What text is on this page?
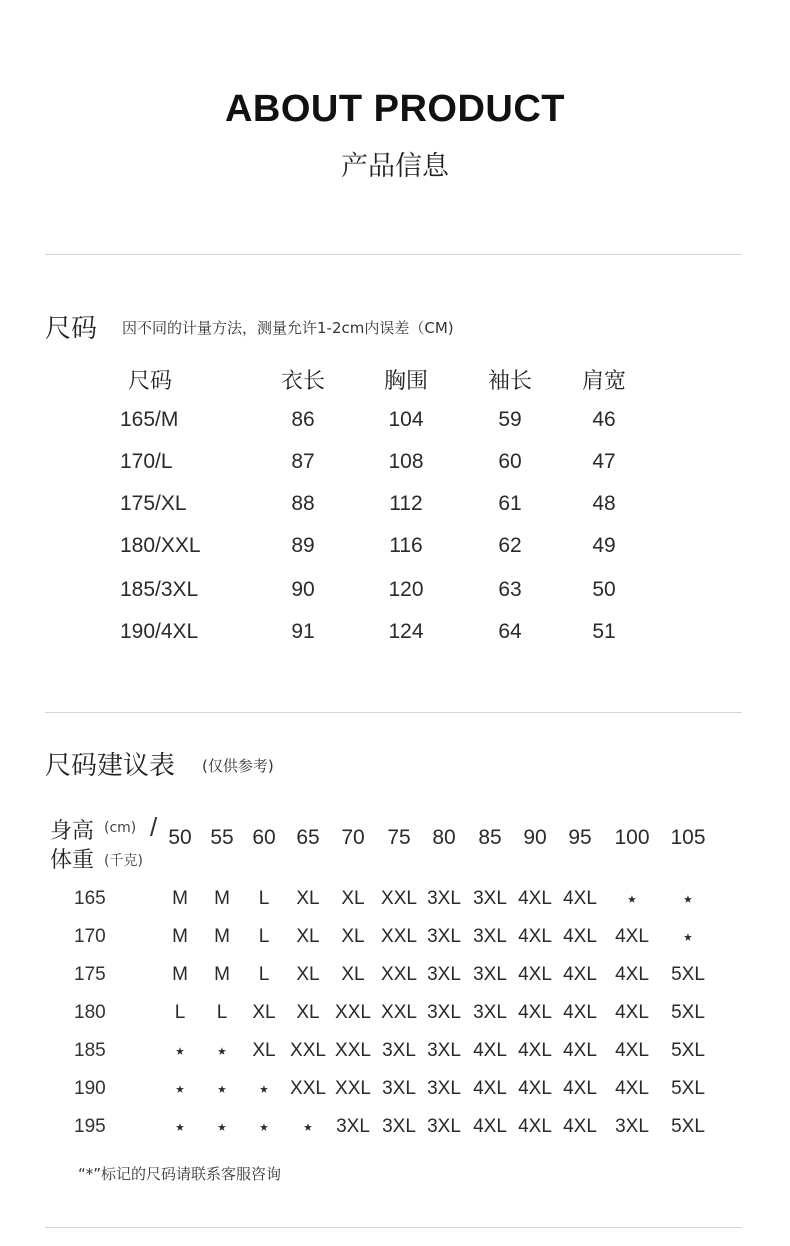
ABOUT PRODUCT
产品信息
尺码 因不同的计量方法，测量允许1-2cm内误差（CM)
尺码	衣长	胸围	袖长 肩宽
165/M	86	104	59	46
170/L	87	108	60	47
175/XL	88	112	61	48
180/XXL	89	116	62	49
185/3XL	90	120	63	50
190/4XL	91	124	64	51
尺码建议表 (仅供参考)
身高 (cm) /
体重 (千克)
50 55 60 65 70 75 80 85 90 95 100 105
165	M M L XL XL XXL 3XL 3XL 4XL 4XL ⋆ ⋆
170	M M L XL XL XXL 3XL 3XL 4XL 4XL 4XL ⋆
175	M M L XL XL XXL 3XL 3XL 4XL 4XL 4XL 5XL
180	L L XL XL XXL XXL 3XL 3XL 4XL 4XL 4XL 5XL
185	⋆ ⋆ XL XXL XXL 3XL 3XL 4XL 4XL 4XL 4XL 5XL
190	⋆ ⋆ ⋆ XXL XXL 3XL 3XL 4XL 4XL 4XL 4XL 5XL
195	⋆ ⋆ ⋆ ⋆ 3XL 3XL 3XL 4XL 4XL 4XL 3XL 5XL
“*”标记的尺码请联系客服咨询
